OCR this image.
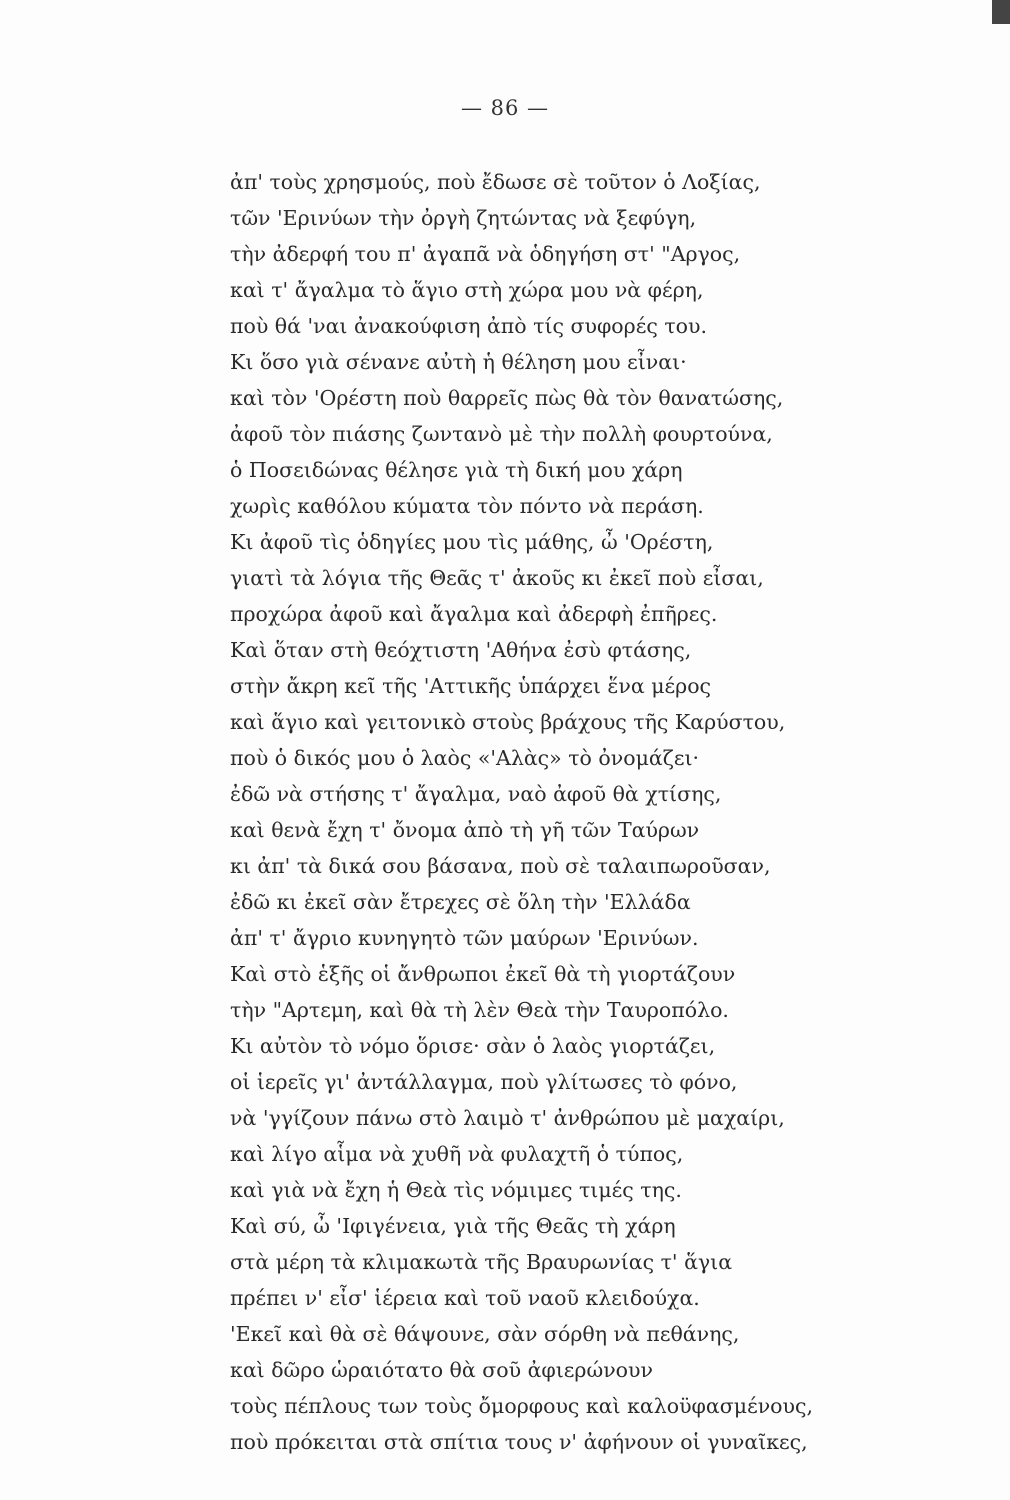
— 86 —
ἀπ' τοὺς χρησμούς, ποὺ ἔδωσε σὲ τοῦτον ὁ Λοξίας,
τῶν 'Ερινύων τὴν ὀργὴ ζητώντας νὰ ξεφύγη,
τὴν ἀδερφή του π' ἀγαπᾶ νὰ ὁδηγήση στ' "Αργος,
καὶ τ' ἄγαλμα τὸ ἅγιο στὴ χώρα μου νὰ φέρη,
ποὺ θά 'ναι ἀνακούφιση ἀπὸ τίς συφορές του.
Κι ὅσο γιὰ σένανε αὐτὴ ἡ θέληση μου εἶναι·
καὶ τὸν 'Ορέστη ποὺ θαρρεῖς πὼς θὰ τὸν θανατώσης,
ἀφοῦ τὸν πιάσης ζωντανὸ μὲ τὴν πολλὴ φουρτούνα,
ὁ Ποσειδώνας θέλησε γιὰ τὴ δική μου χάρη
χωρὶς καθόλου κύματα τὸν πόντο νὰ περάση.
Κι ἀφοῦ τὶς ὁδηγίες μου τὶς μάθης, ὦ 'Ορέστη,
γιατὶ τὰ λόγια τῆς Θεᾶς τ' ἀκοῦς κι ἐκεῖ ποὺ εἶσαι,
προχώρα ἀφοῦ καὶ ἄγαλμα καὶ ἀδερφὴ ἐπῆρες.
Καὶ ὅταν στὴ θεόχτιστη 'Αθήνα ἐσὺ φτάσης,
στὴν ἄκρη κεῖ τῆς 'Αττικῆς ὑπάρχει ἕνα μέρος
καὶ ἅγιο καὶ γειτονικὸ στοὺς βράχους τῆς Καρύστου,
ποὺ ὁ δικός μου ὁ λαὸς «'Αλὰς» τὸ ὀνομάζει·
ἐδῶ νὰ στήσης τ' ἄγαλμα, ναὸ ἀφοῦ θὰ χτίσης,
καὶ θενὰ ἔχη τ' ὄνομα ἀπὸ τὴ γῆ τῶν Ταύρων
κι ἀπ' τὰ δικά σου βάσανα, ποὺ σὲ ταλαιπωροῦσαν,
ἐδῶ κι ἐκεῖ σὰν ἔτρεχες σὲ ὅλη τὴν 'Ελλάδα
ἀπ' τ' ἄγριο κυνηγητὸ τῶν μαύρων 'Ερινύων.
Καὶ στὸ ἑξῆς οἱ ἄνθρωποι ἐκεῖ θὰ τὴ γιορτάζουν
τὴν "Αρτεμη, καὶ θὰ τὴ λὲν Θεὰ τὴν Ταυροπόλο.
Κι αὐτὸν τὸ νόμο ὅρισε· σὰν ὁ λαὸς γιορτάζει,
οἱ ἱερεῖς γι' ἀντάλλαγμα, ποὺ γλίτωσες τὸ φόνο,
νὰ 'γγίζουν πάνω στὸ λαιμὸ τ' ἀνθρώπου μὲ μαχαίρι,
καὶ λίγο αἷμα νὰ χυθῆ νὰ φυλαχτῆ ὁ τύπος,
καὶ γιὰ νὰ ἔχη ἡ Θεὰ τὶς νόμιμες τιμές της.
Καὶ σύ, ὦ 'Ιφιγένεια, γιὰ τῆς Θεᾶς τὴ χάρη
στὰ μέρη τὰ κλιμακωτὰ τῆς Βραυρωνίας τ' ἅγια
πρέπει ν' εἶσ' ἱέρεια καὶ τοῦ ναοῦ κλειδούχα.
'Εκεῖ καὶ θὰ σὲ θάψουνε, σὰν σόρθη νὰ πεθάνης,
καὶ δῶρο ὡραιότατο θὰ σοῦ ἀφιερώνουν
τοὺς πέπλους των τοὺς ὄμορφους καὶ καλοϋφασμένους,
ποὺ πρόκειται στὰ σπίτια τους ν' ἀφήνουν οἱ γυναῖκες,
